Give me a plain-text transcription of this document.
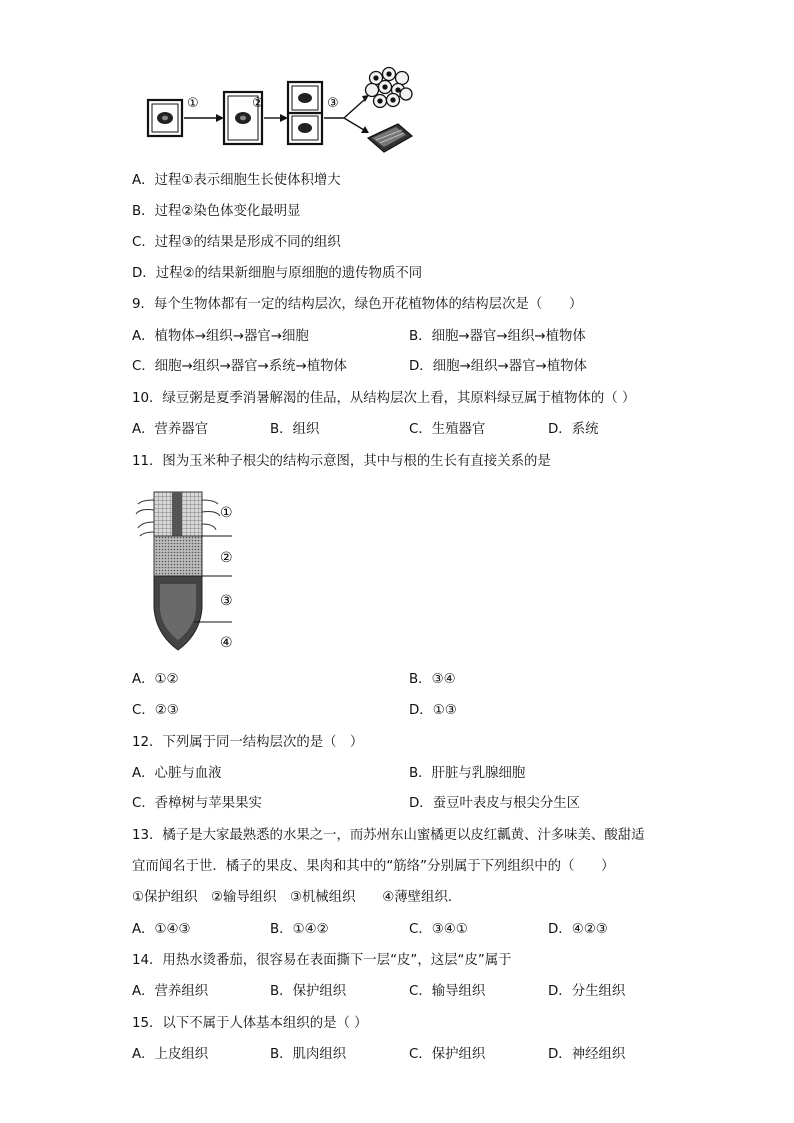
①	②	③
A．过程①表示细胞生长使体积增大
B．过程②染色体变化最明显
C．过程③的结果是形成不同的组织
D．过程②的结果新细胞与原细胞的遗传物质不同
9．每个生物体都有一定的结构层次，绿色开花植物体的结构层次是（　　）
A．植物体→组织→器官→细胞	B．细胞→器官→组织→植物体
C．细胞→组织→器官→系统→植物体	D．细胞→组织→器官→植物体
10．绿豆粥是夏季消暑解渴的佳品，从结构层次上看，其原料绿豆属于植物体的（ ）
A．营养器官	B．组织	C．生殖器官	D．系统
11．图为玉米种子根尖的结构示意图，其中与根的生长有直接关系的是
①
②
③
④
A．①②	B．③④
C．②③	D．①③
12．下列属于同一结构层次的是（　）
A．心脏与血液	B．肝脏与乳腺细胞
C．香樟树与苹果果实	D．蚕豆叶表皮与根尖分生区
13．橘子是大家最熟悉的水果之一，而苏州东山蜜橘更以皮红瓤黄、汁多味美、酸甜适
宜而闻名于世．橘子的果皮、果肉和其中的“筋络”分别属于下列组织中的（　　）
①保护组织　②输导组织　③机械组织　　④薄壁组织．
A．①④③	B．①④②	C．③④①	D．④②③
14．用热水烫番茄，很容易在表面撕下一层“皮”，这层“皮”属于
A．营养组织	B．保护组织	C．输导组织	D．分生组织
15．以下不属于人体基本组织的是（ ）
A．上皮组织	B．肌肉组织	C．保护组织	D．神经组织
